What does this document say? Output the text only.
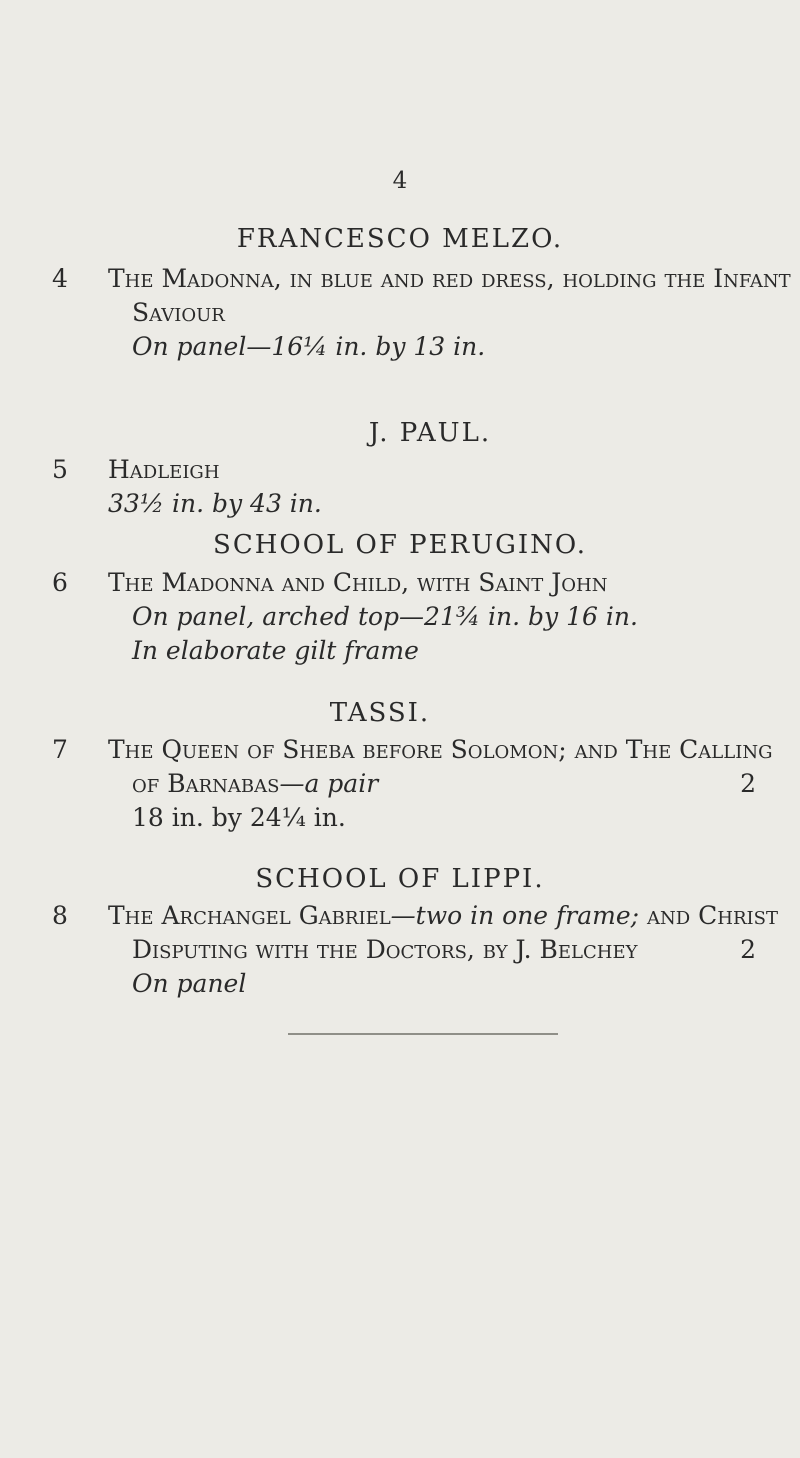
4
FRANCESCO MELZO.
4	The Madonna, in blue and red dress, holding the Infant
Saviour
On panel—16¼ in. by 13 in.
J. PAUL.
5	Hadleigh
33½ in. by 43 in.
SCHOOL OF PERUGINO.
6	The Madonna and Child, with Saint John
On panel, arched top—21¾ in. by 16 in.
In elaborate gilt frame
TASSI.
7	The Queen of Sheba before Solomon; and The Calling
of Barnabas—a pair	2
18 in. by 24¼ in.
SCHOOL OF LIPPI.
8	The Archangel Gabriel—two in one frame; and Christ
Disputing with the Doctors, by J. Belchey	2
On panel
